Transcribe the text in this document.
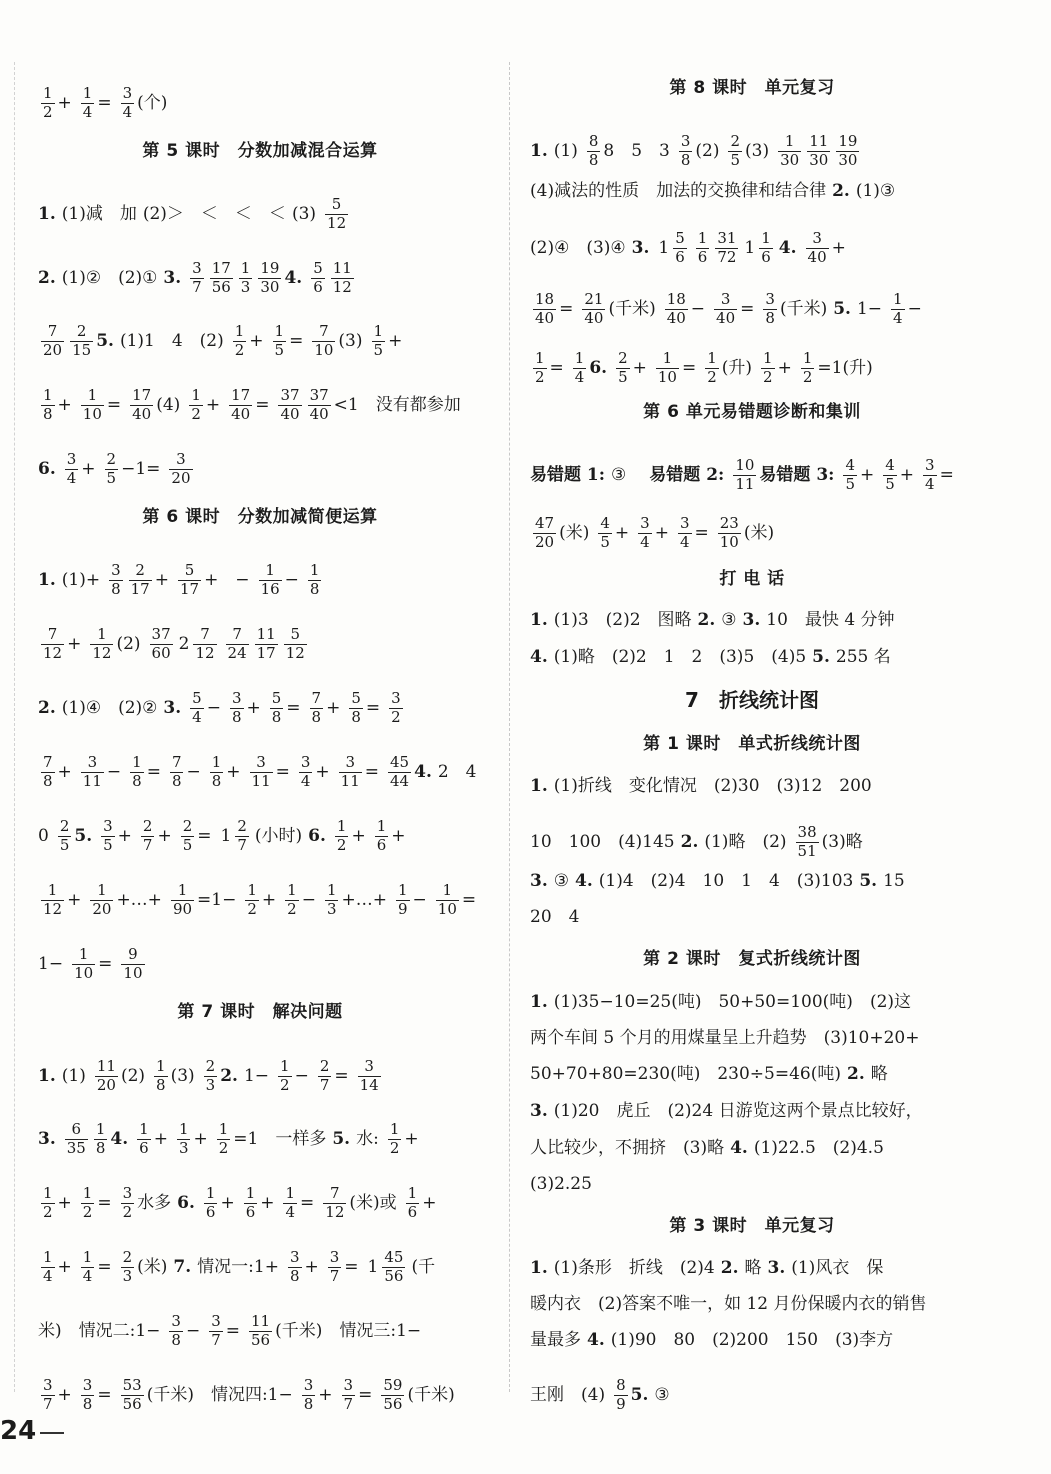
$\frac{1}{2} + \frac{1}{4} = \frac{3}{4}$ (个)
第 5 课时　分数加减混合运算
1. (1)减　加 (2)＞　＜　＜　＜ $(3) \frac{5}{12}$
2. (1)②　(2)① 3. $\frac{3}{7} \frac{17}{56} \frac{1}{3} \frac{19}{30} 4$. $\frac{5}{6} \frac{11}{12}$
$\frac{7}{20} \frac{2}{15} 5$. (1)1　4　$(2) \frac{1}{2} + \frac{1}{5} = \frac{7}{10} (3) \frac{1}{5}$ +
$\frac{1}{8} + \frac{1}{10} = \frac{17}{40} (4) \frac{1}{2} + \frac{17}{40} = \frac{37}{40} \frac{37}{40} <1$　没有都参加
6. $\frac{3}{4} + \frac{2}{5} -1= \frac{3}{20}$
第 6 课时　分数加减简便运算
1. $(1)+ \frac{3}{8} \frac{2}{17} + \frac{5}{17}$ +　− $\frac{1}{16} - \frac{1}{8}$
$\frac{7}{12} + \frac{1}{12} (2) \frac{37}{60} 2 \frac{7}{12} \frac{7}{24} \frac{11}{17} \frac{5}{12}$
2. (1)④　(2)② 3. $\frac{5}{4} - \frac{3}{8} + \frac{5}{8} = \frac{7}{8} + \frac{5}{8} = \frac{3}{2}$
$\frac{7}{8} + \frac{3}{11} - \frac{1}{8} = \frac{7}{8} - \frac{1}{8} + \frac{3}{11} = \frac{3}{4} + \frac{3}{11} = \frac{45}{44} 4$. 2　4
$0 \frac{2}{5} 5$. $\frac{3}{5} + \frac{2}{7} + \frac{2}{5} = 1 \frac{2}{7}$ (小时) 6. $\frac{1}{2} + \frac{1}{6}$ +
$\frac{1}{12} + \frac{1}{20}$ +…+ $\frac{1}{90} =1- \frac{1}{2} + \frac{1}{2} - \frac{1}{3}$ +…+ $\frac{1}{9} - \frac{1}{10}$ =
$1- \frac{1}{10} = \frac{9}{10}$
第 7 课时　解决问题
1. $(1) \frac{11}{20} (2) \frac{1}{8} (3) \frac{2}{3} 2$. $1- \frac{1}{2} - \frac{2}{7} = \frac{3}{14}$
3. $\frac{6}{35} \frac{1}{8} 4$. $\frac{1}{6} + \frac{1}{3} + \frac{1}{2} =1$　一样多 5. 水: $\frac{1}{2}$ +
$\frac{1}{2} + \frac{1}{2} = \frac{3}{2}$ 水多 6. $\frac{1}{6} + \frac{1}{6} + \frac{1}{4} = \frac{7}{12}$ (米)或 $\frac{1}{6}$ +
$\frac{1}{4} + \frac{1}{4} = \frac{2}{3}$ (米) 7. 情况一:1+ $\frac{3}{8} + \frac{3}{7} = 1 \frac{45}{56}$ (千
米)　情况二:1− $\frac{3}{8} - \frac{3}{7} = \frac{11}{56}$ (千米)　情况三:1−
$\frac{3}{7} + \frac{3}{8} = \frac{53}{56}$ (千米)　情况四:1− $\frac{3}{8} + \frac{3}{7} = \frac{59}{56}$ (千米)
第 8 课时　单元复习
1. $(1) \frac{8}{8} 8$　5　$3 \frac{3}{8} (2) \frac{2}{5} (3) \frac{1}{30} \frac{11}{30} \frac{19}{30}$
(4)减法的性质　加法的交换律和结合律 2. (1)③
(2)④　(3)④ 3. $1 \frac{5}{6} \frac{1}{6} \frac{31}{72} 1 \frac{1}{6} 4$. $\frac{3}{40}$ +
$\frac{18}{40} = \frac{21}{40}$ (千米) $\frac{18}{40} - \frac{3}{40} = \frac{3}{8}$ (千米) 5. $1- \frac{1}{4}$ −
$\frac{1}{2} = \frac{1}{4} 6$. $\frac{2}{5} + \frac{1}{10} = \frac{1}{2}$ (升) $\frac{1}{2} + \frac{1}{2} =1$(升)
第 6 单元易错题诊断和集训
易错题 1: ③　 易错题 2: $\frac{10}{11}$ 易错题 3: $\frac{4}{5} + \frac{4}{5} + \frac{3}{4}$ =
$\frac{47}{20}$ (米) $\frac{4}{5} + \frac{3}{4} + \frac{3}{4} = \frac{23}{10}$ (米)
打 电 话
1. (1)3　(2)2　图略 2. ③ 3. 10　最快 4 分钟
4. (1)略　(2)2　1　2　(3)5　(4)5 5. 255 名
7　折线统计图
第 1 课时　单式折线统计图
1. (1)折线　变化情况　(2)30　(3)12　200
10　100　(4)145 2. (1)略　$(2) \frac{38}{51} (3)$略
3. ③ 4. (1)4　(2)4　10　1　4　(3)103 5. 15
20　4
第 2 课时　复式折线统计图
1. (1)35−10=25(吨)　50+50=100(吨)　(2)这
两个车间 5 个月的用煤量呈上升趋势　(3)10+20+
50+70+80=230(吨)　230÷5=46(吨) 2. 略
3. (1)20　虎丘　(2)24 日游览这两个景点比较好，
人比较少，不拥挤　(3)略 4. (1)22.5　(2)4.5
(3)2.25
第 3 课时　单元复习
1. (1)条形　折线　(2)4 2. 略 3. (1)风衣　保
暖内衣　(2)答案不唯一，如 12 月份保暖内衣的销售
量最多 4. (1)90　80　(2)200　150　(3)李方
王刚　$(4) \frac{8}{9} 5$. ③
24
